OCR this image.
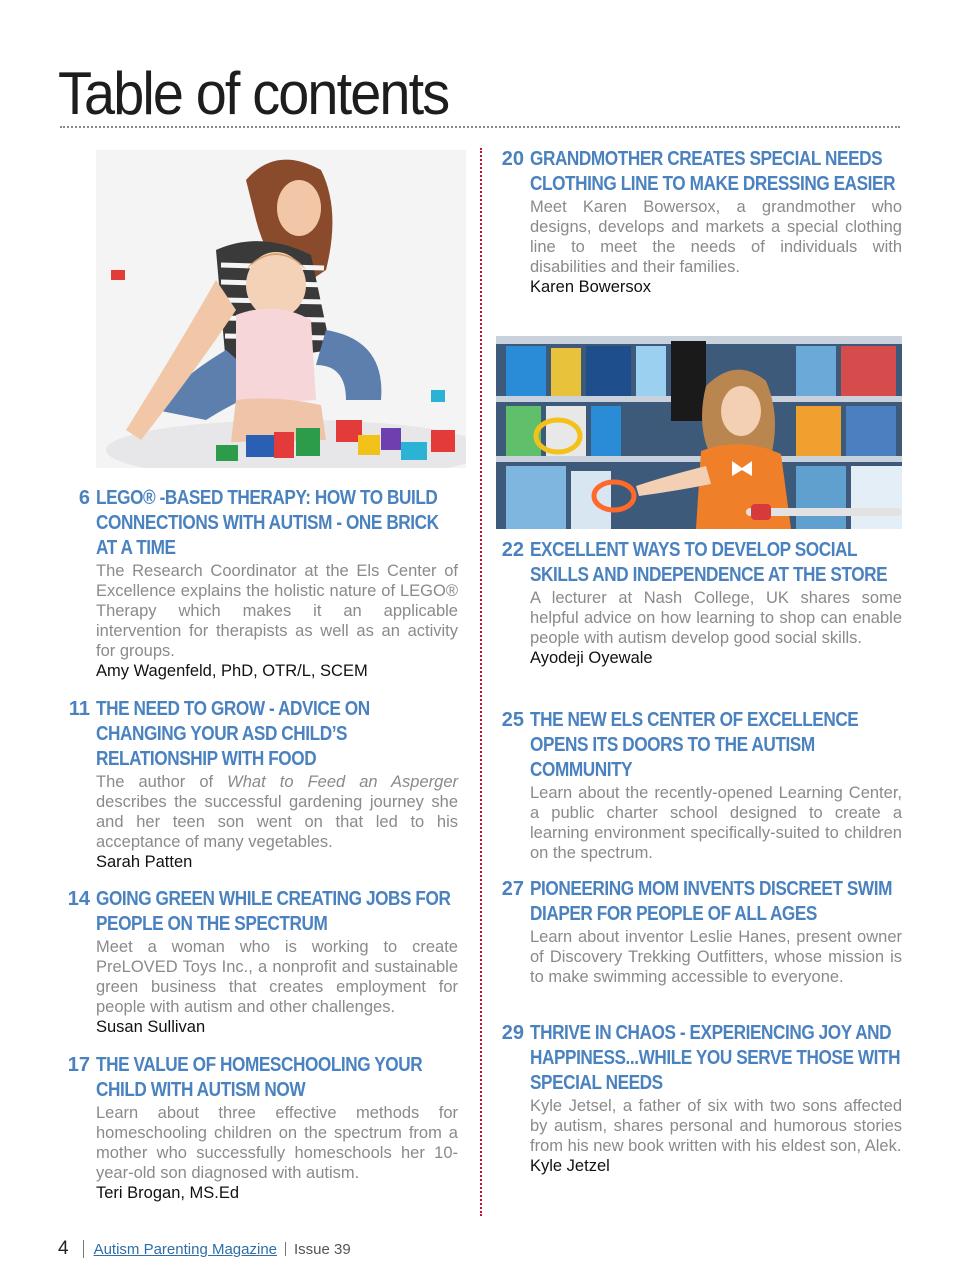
Table of contents
6 LEGO® -BASED THERAPY: HOW TO BUILD CONNECTIONS WITH AUTISM - ONE BRICK AT A TIME
The Research Coordinator at the Els Center of Excellence explains the holistic nature of LEGO® Therapy which makes it an applicable intervention for therapists as well as an activity for groups.
Amy Wagenfeld, PhD, OTR/L, SCEM
11 THE NEED TO GROW - ADVICE ON CHANGING YOUR ASD CHILD’S RELATIONSHIP WITH FOOD
The author of What to Feed an Asperger describes the successful gardening journey she and her teen son went on that led to his acceptance of many vegetables.
Sarah Patten
14 GOING GREEN WHILE CREATING JOBS FOR PEOPLE ON THE SPECTRUM
Meet a woman who is working to create PreLOVED Toys Inc., a nonprofit and sustainable green business that creates employment for people with autism and other challenges.
Susan Sullivan
17 THE VALUE OF HOMESCHOOLING YOUR CHILD WITH AUTISM NOW
Learn about three effective methods for homeschooling children on the spectrum from a mother who successfully homeschools her 10-year-old son diagnosed with autism.
Teri Brogan, MS.Ed
20 GRANDMOTHER CREATES SPECIAL NEEDS CLOTHING LINE TO MAKE DRESSING EASIER
Meet Karen Bowersox, a grandmother who designs, develops and markets a special clothing line to meet the needs of individuals with disabilities and their families.
Karen Bowersox
22 EXCELLENT WAYS TO DEVELOP SOCIAL SKILLS AND INDEPENDENCE AT THE STORE
A lecturer at Nash College, UK shares some helpful advice on how learning to shop can enable people with autism develop good social skills.
Ayodeji Oyewale
25 THE NEW ELS CENTER OF EXCELLENCE OPENS ITS DOORS TO THE AUTISM COMMUNITY
Learn about the recently-opened Learning Center, a public charter school designed to create a learning environment specifically-suited to children on the spectrum.
27 PIONEERING MOM INVENTS DISCREET SWIM DIAPER FOR PEOPLE OF ALL AGES
Learn about inventor Leslie Hanes, present owner of Discovery Trekking Outfitters, whose mission is to make swimming accessible to everyone.
29 THRIVE IN CHAOS - EXPERIENCING JOY AND HAPPINESS...WHILE YOU SERVE THOSE WITH SPECIAL NEEDS
Kyle Jetsel, a father of six with two sons affected by autism, shares personal and humorous stories from his new book written with his eldest son, Alek.
Kyle Jetzel
4 Autism Parenting Magazine Issue 39
